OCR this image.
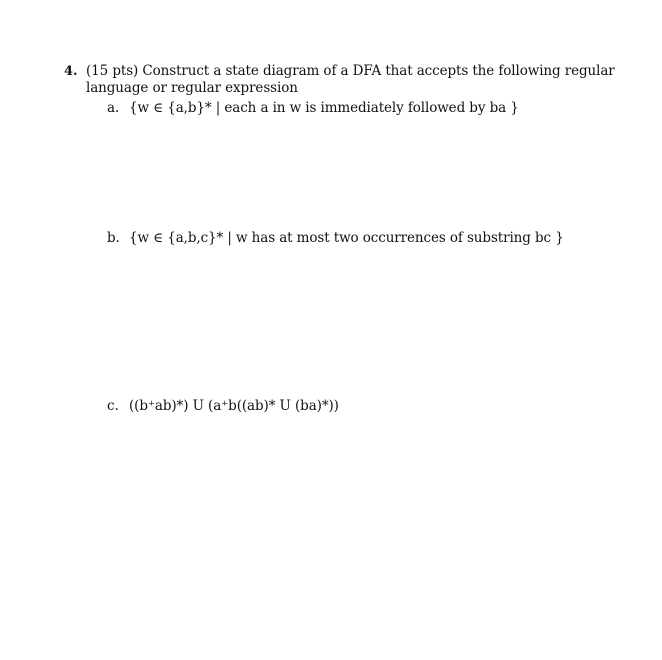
4. (15 pts) Construct a state diagram of a DFA that accepts the following regular
language or regular expression
a. {w ∈ {a,b}* | each a in w is immediately followed by ba }
b. {w ∈ {a,b,c}* | w has at most two occurrences of substring bc }
c. ((b⁺ab)*) U (a⁺b((ab)* U (ba)*))
